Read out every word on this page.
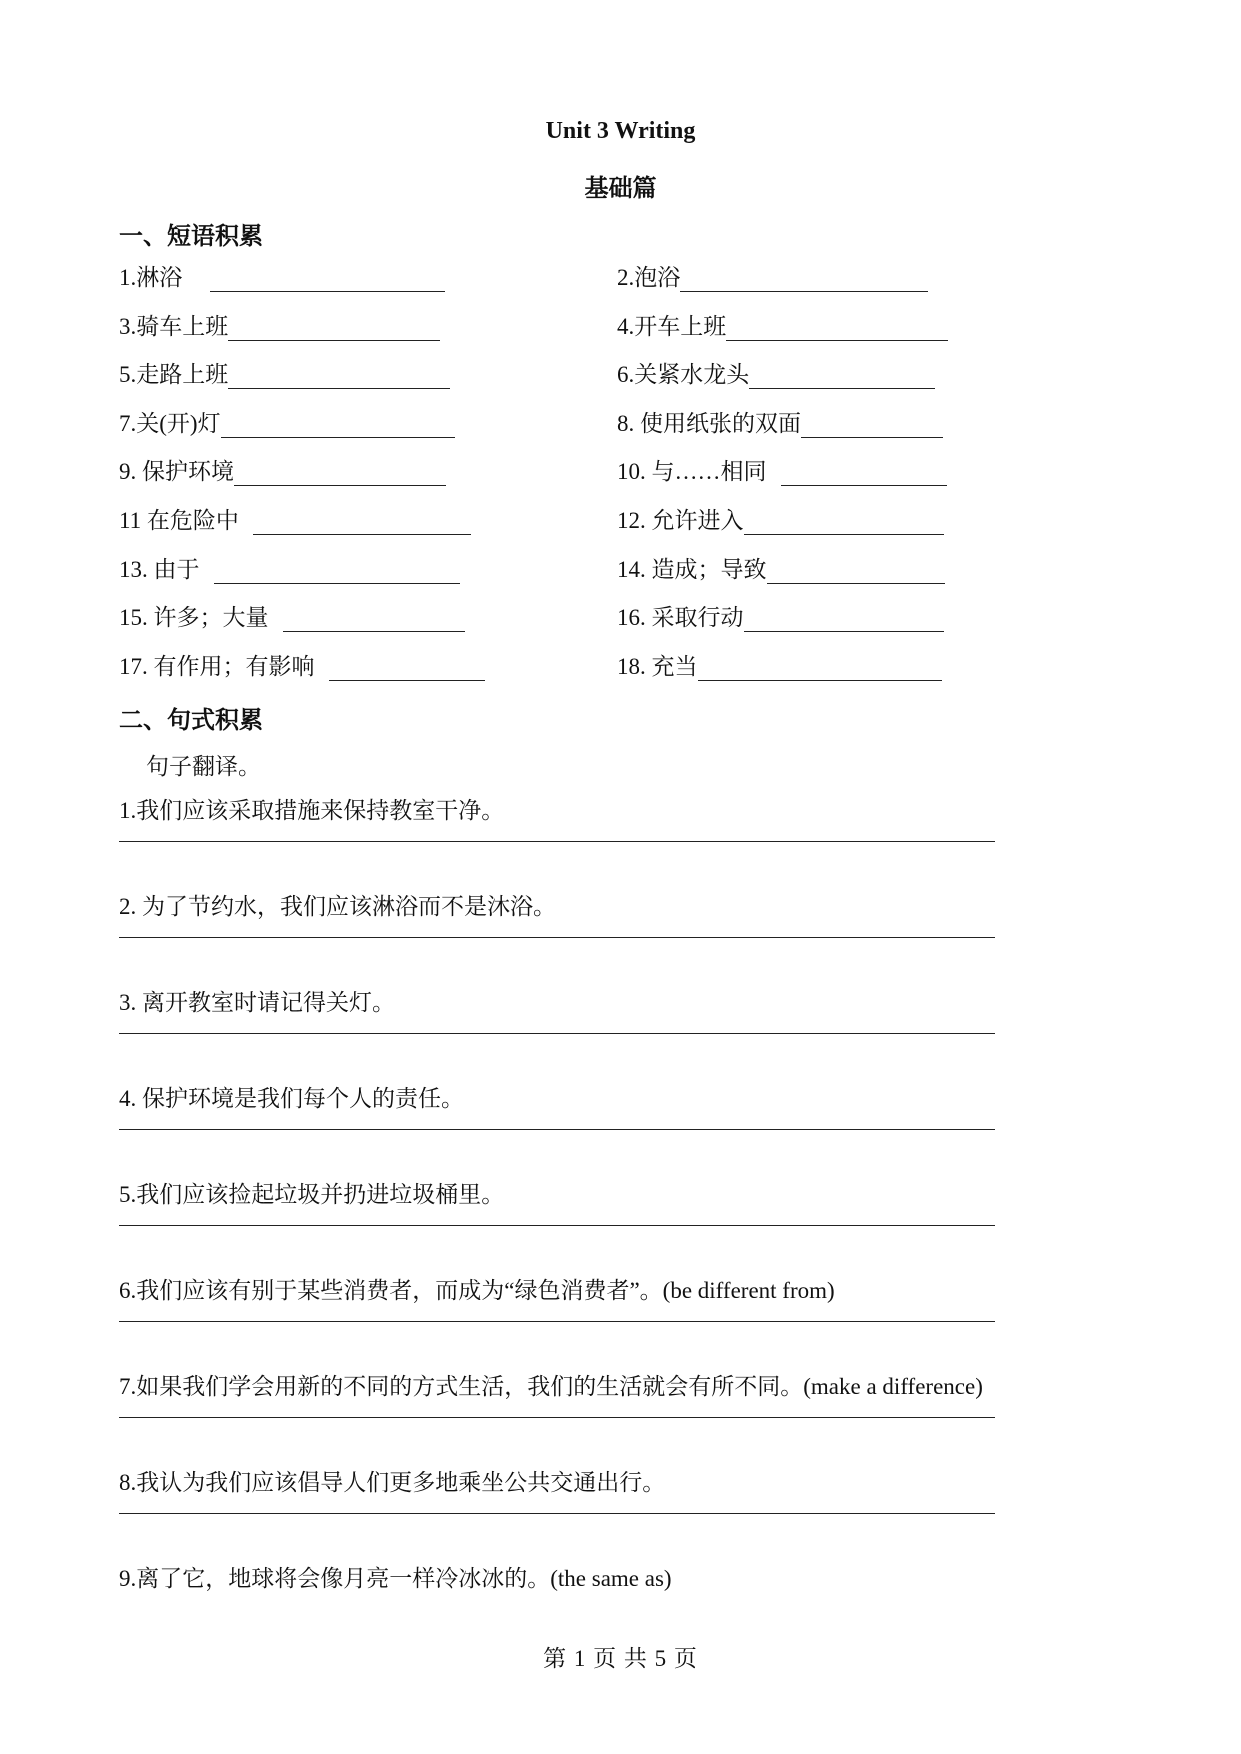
Unit 3 Writing
基础篇
一、短语积累
1.淋浴	2.泡浴
3.骑车上班	4.开车上班
5.走路上班	6.关紧水龙头
7.关(开)灯	8. 使用纸张的双面
9. 保护环境	10. 与……相同
11 在危险中	12. 允许进入
13. 由于	14. 造成；导致
15. 许多；大量	16. 采取行动
17. 有作用；有影响	18. 充当
二、句式积累
句子翻译。
1.我们应该采取措施来保持教室干净。
2. 为了节约水，我们应该淋浴而不是沐浴。
3. 离开教室时请记得关灯。
4. 保护环境是我们每个人的责任。
5.我们应该捡起垃圾并扔进垃圾桶里。
6.我们应该有别于某些消费者，而成为“绿色消费者”。(be different from)
7.如果我们学会用新的不同的方式生活，我们的生活就会有所不同。(make a difference)
8.我认为我们应该倡导人们更多地乘坐公共交通出行。
9.离了它，地球将会像月亮一样冷冰冰的。(the same as)
第 1 页 共 5 页
